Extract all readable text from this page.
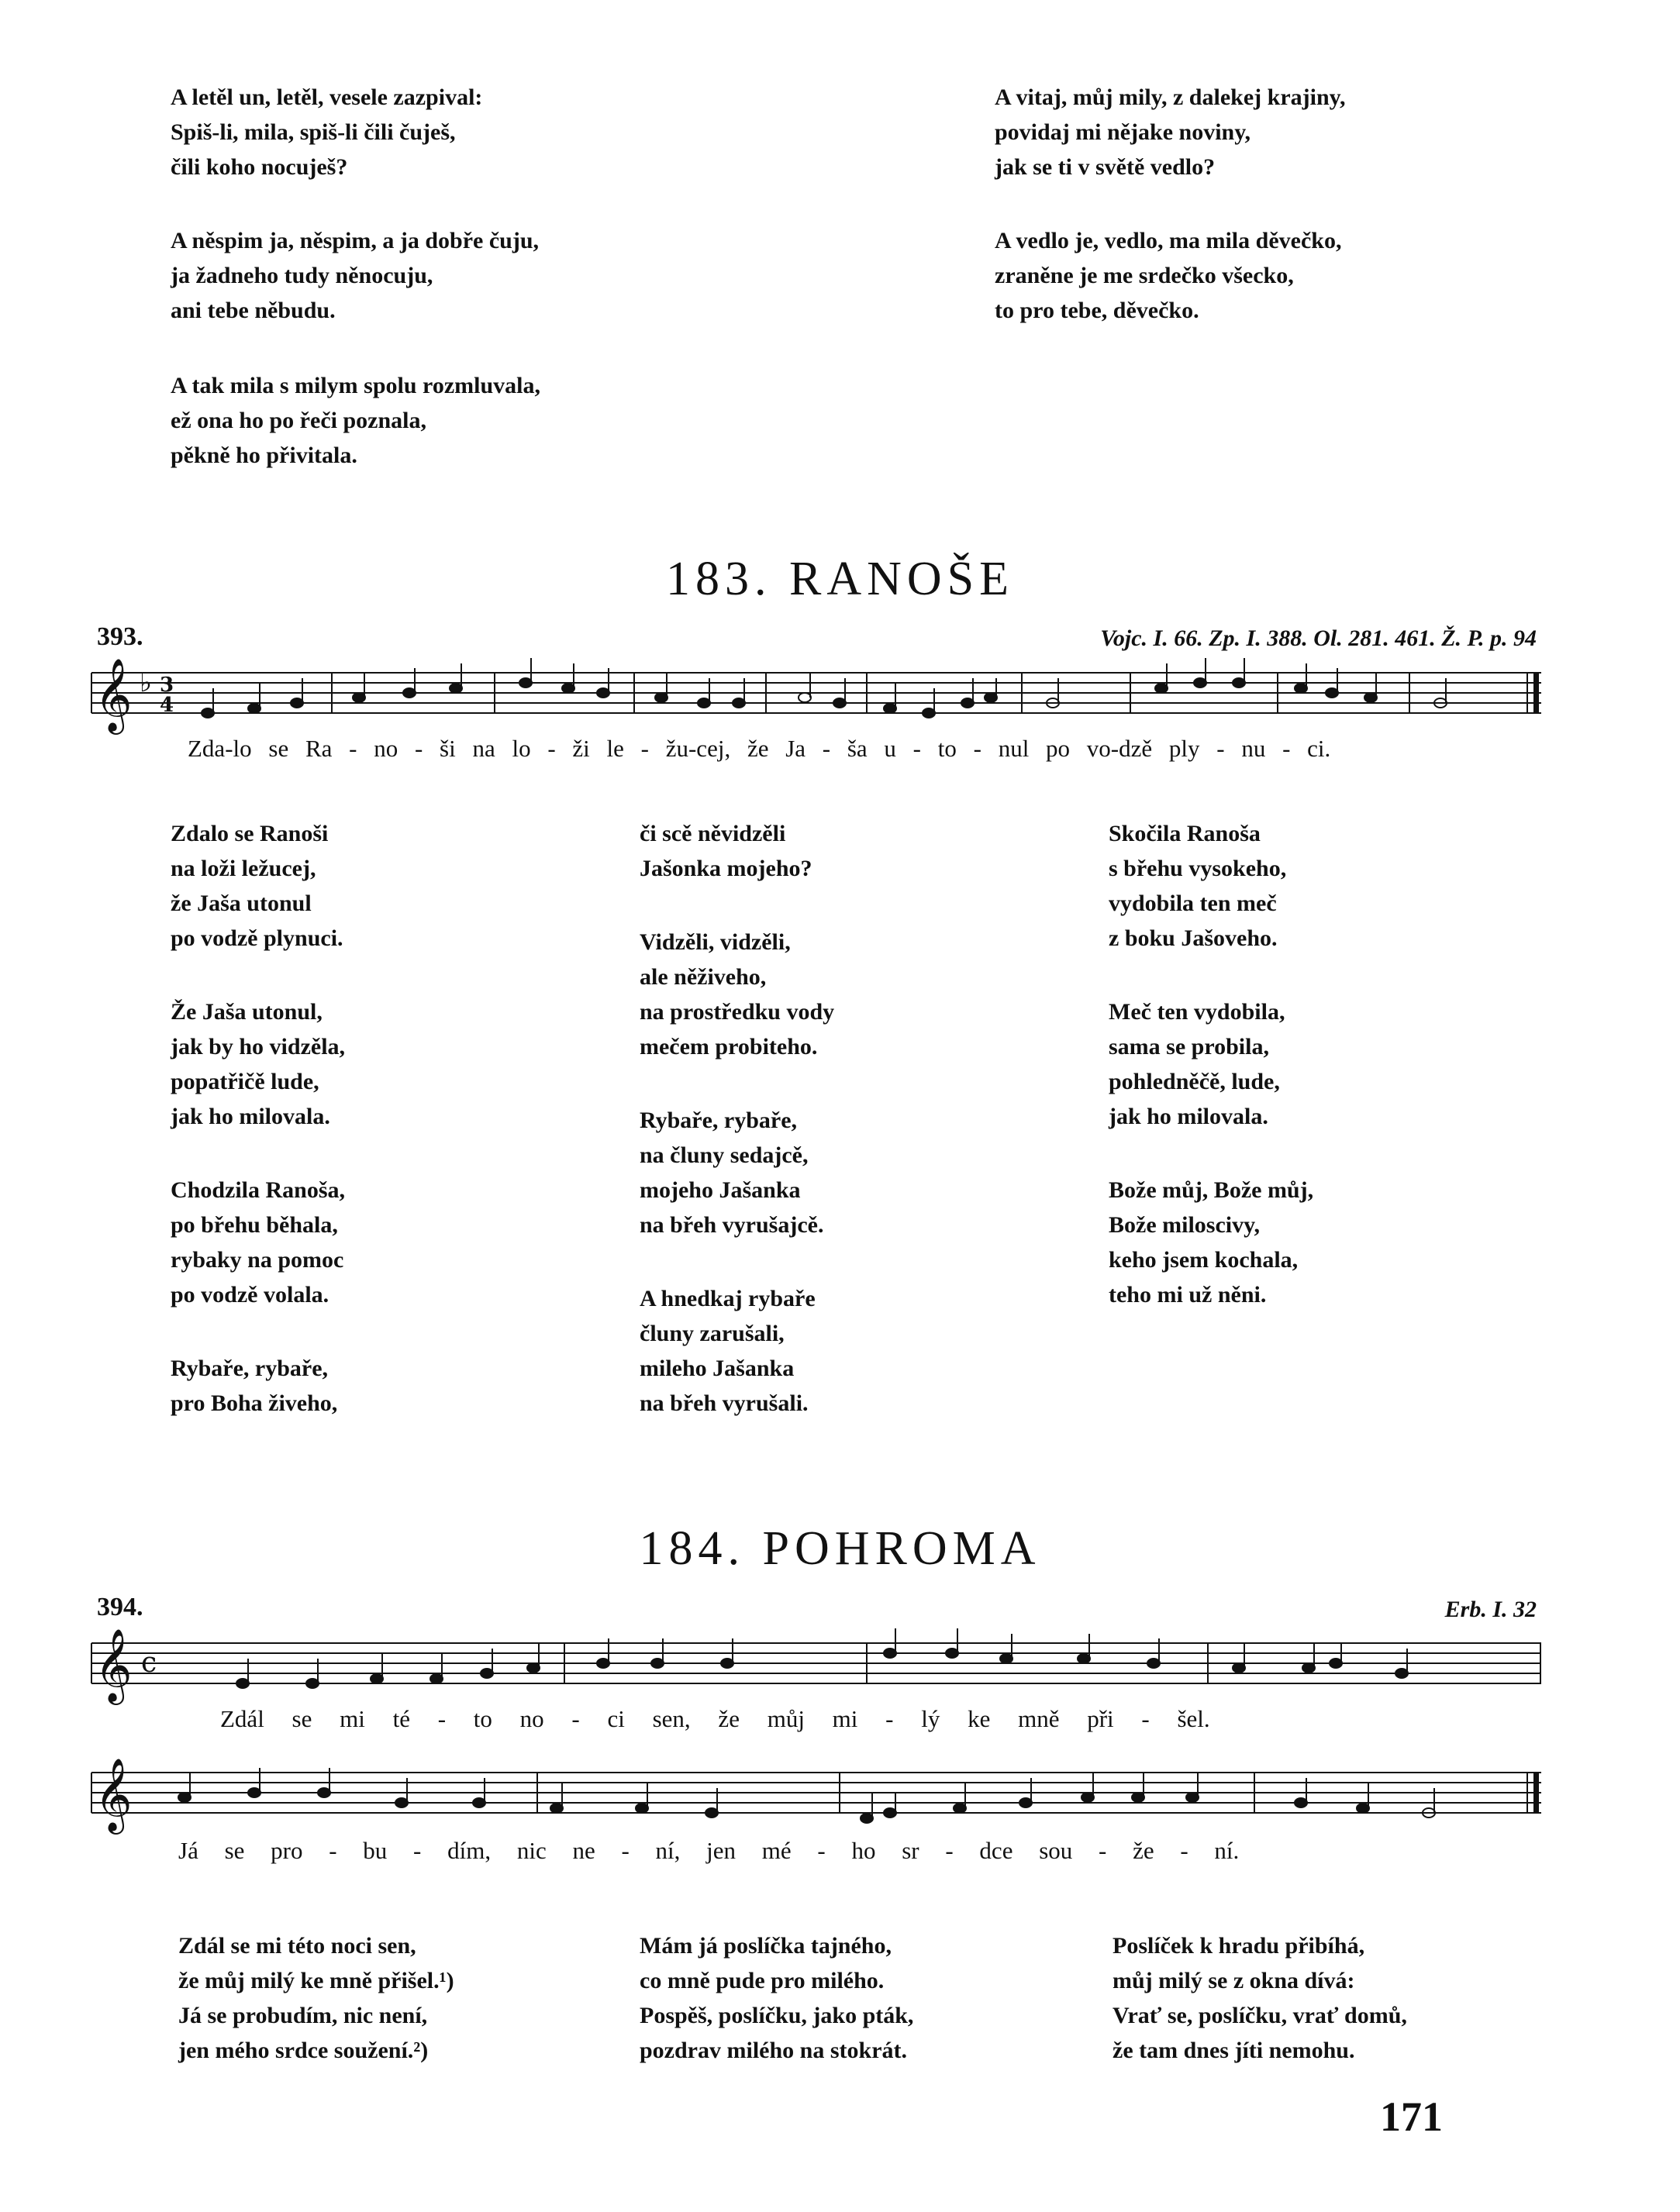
A letěl un, letěl, vesele zazpival:
Spiš-li, mila, spiš-li čili čuješ,
čili koho nocuješ?
A něspim ja, něspim, a ja dobře čuju,
ja žadneho tudy něnocuju,
ani tebe něbudu.
A tak mila s milym spolu rozmluvala,
ež ona ho po řeči poznala,
pěkně ho přivitala.
A vitaj, můj mily, z dalekej krajiny,
povidaj mi nějake noviny,
jak se ti v světě vedlo?
A vedlo je, vedlo, ma mila děvečko,
zraněne je me srdečko všecko,
to pro tebe, děvečko.
183. RANOŠE
393.	Vojc. I. 66. Zp. I. 388. Ol. 281. 461. Ž. P. p. 94
𝄞 ♭ 3
4
Zda-lo se Ra - no - ši na lo - ži le - žu-cej, že Ja - ša u - to - nul po vo-dzě ply - nu - ci.
Zdalo se Ranoši
na loži ležucej,
že Jaša utonul
po vodzě plynuci.
Že Jaša utonul,
jak by ho vidzěla,
popatřičě lude,
jak ho milovala.
Chodzila Ranoša,
po břehu běhala,
rybaky na pomoc
po vodzě volala.
Rybaře, rybaře,
pro Boha živeho,
či scě něvidzěli
Jašonka mojeho?
Vidzěli, vidzěli,
ale něživeho,
na prostředku vody
mečem probiteho.
Rybaře, rybaře,
na čluny sedajcě,
mojeho Jašanka
na břeh vyrušajcě.
A hnedkaj rybaře
čluny zarušali,
mileho Jašanka
na břeh vyrušali.
Skočila Ranoša
s břehu vysokeho,
vydobila ten meč
z boku Jašoveho.
Meč ten vydobila,
sama se probila,
pohledněčě, lude,
jak ho milovala.
Bože můj, Bože můj,
Bože miloscivy,
keho jsem kochala,
teho mi už něni.
184. POHROMA
394.	Erb. I. 32
𝄞 c
Zdál se mi té - to no - ci sen, že můj mi - lý ke mně při - šel.
𝄞
Já se pro - bu - dím, nic ne - ní, jen mé - ho sr - dce sou - že - ní.
Zdál se mi této noci sen,
že můj milý ke mně přišel.¹)
Já se probudím, nic není,
jen mého srdce soužení.²)
Mám já poslíčka tajného,
co mně pude pro milého.
Pospěš, poslíčku, jako pták,
pozdrav milého na stokrát.
Poslíček k hradu přibíhá,
můj milý se z okna dívá:
Vrať se, poslíčku, vrať domů,
že tam dnes jíti nemohu.
171
